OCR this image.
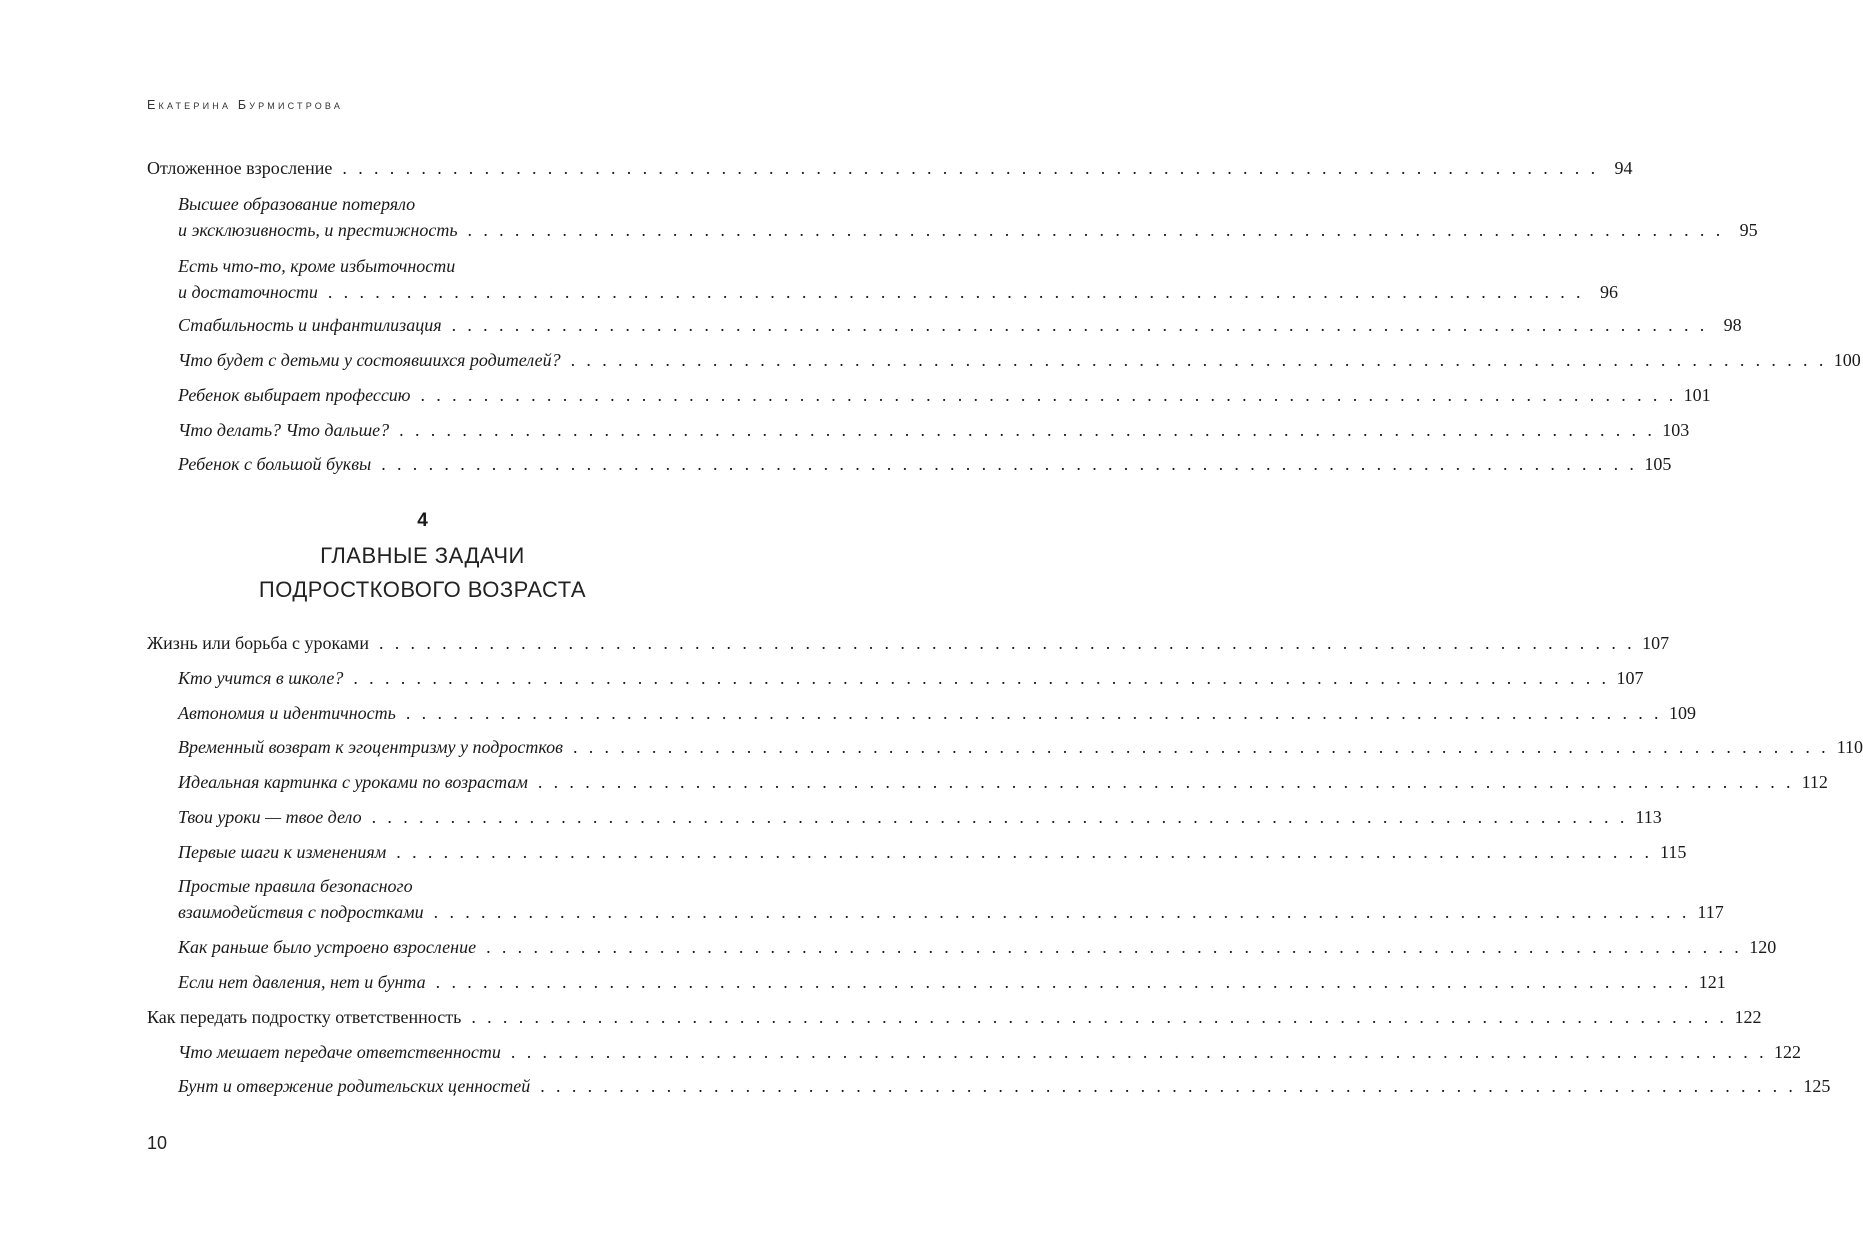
Екатерина Бурмистрова
Отложенное взросление . . . . . . . . . . . . . . . . . . . . . . . . . . . . . . . . . . . . . . . . . . . . . . . . . . . . . . . . . . . . . . . . . . . . . . . . . . . . . . . . 94
Высшее образование потеряло
и эксклюзивность, и престижность . . . . . . . . . . . . . . . . . . . . . . . . . . . . . . . . . . . . . . . . . . . . . . . . . . . . . . . . . . . . . . . . . . . . . . . . . . . . . . . . 95
Есть что-то, кроме избыточности
и достаточности . . . . . . . . . . . . . . . . . . . . . . . . . . . . . . . . . . . . . . . . . . . . . . . . . . . . . . . . . . . . . . . . . . . . . . . . . . . . . . . . 96
Стабильность и инфантилизация . . . . . . . . . . . . . . . . . . . . . . . . . . . . . . . . . . . . . . . . . . . . . . . . . . . . . . . . . . . . . . . . . . . . . . . . . . . . . . . . 98
Что будет с детьми у состоявшихся родителей? . . . . . . . . . . . . . . . . . . . . . . . . . . . . . . . . . . . . . . . . . . . . . . . . . . . . . . . . . . . . . . . . . . . . . . . . . . . . . . . . 100
Ребенок выбирает профессию . . . . . . . . . . . . . . . . . . . . . . . . . . . . . . . . . . . . . . . . . . . . . . . . . . . . . . . . . . . . . . . . . . . . . . . . . . . . . . . . 101
Что делать? Что дальше? . . . . . . . . . . . . . . . . . . . . . . . . . . . . . . . . . . . . . . . . . . . . . . . . . . . . . . . . . . . . . . . . . . . . . . . . . . . . . . . . 103
Ребенок с большой буквы . . . . . . . . . . . . . . . . . . . . . . . . . . . . . . . . . . . . . . . . . . . . . . . . . . . . . . . . . . . . . . . . . . . . . . . . . . . . . . . . 105
Жизнь или борьба с уроками . . . . . . . . . . . . . . . . . . . . . . . . . . . . . . . . . . . . . . . . . . . . . . . . . . . . . . . . . . . . . . . . . . . . . . . . . . . . . . . . 107
Кто учится в школе? . . . . . . . . . . . . . . . . . . . . . . . . . . . . . . . . . . . . . . . . . . . . . . . . . . . . . . . . . . . . . . . . . . . . . . . . . . . . . . . . 107
Автономия и идентичность . . . . . . . . . . . . . . . . . . . . . . . . . . . . . . . . . . . . . . . . . . . . . . . . . . . . . . . . . . . . . . . . . . . . . . . . . . . . . . . . 109
Временный возврат к эгоцентризму у подростков . . . . . . . . . . . . . . . . . . . . . . . . . . . . . . . . . . . . . . . . . . . . . . . . . . . . . . . . . . . . . . . . . . . . . . . . . . . . . . . . 110
Идеальная картинка с уроками по возрастам . . . . . . . . . . . . . . . . . . . . . . . . . . . . . . . . . . . . . . . . . . . . . . . . . . . . . . . . . . . . . . . . . . . . . . . . . . . . . . . . 112
Твои уроки — твое дело . . . . . . . . . . . . . . . . . . . . . . . . . . . . . . . . . . . . . . . . . . . . . . . . . . . . . . . . . . . . . . . . . . . . . . . . . . . . . . . . 113
Первые шаги к изменениям . . . . . . . . . . . . . . . . . . . . . . . . . . . . . . . . . . . . . . . . . . . . . . . . . . . . . . . . . . . . . . . . . . . . . . . . . . . . . . . . 115
Простые правила безопасного
взаимодействия с подростками . . . . . . . . . . . . . . . . . . . . . . . . . . . . . . . . . . . . . . . . . . . . . . . . . . . . . . . . . . . . . . . . . . . . . . . . . . . . . . . . 117
Как раньше было устроено взросление . . . . . . . . . . . . . . . . . . . . . . . . . . . . . . . . . . . . . . . . . . . . . . . . . . . . . . . . . . . . . . . . . . . . . . . . . . . . . . . . 120
Если нет давления, нет и бунта . . . . . . . . . . . . . . . . . . . . . . . . . . . . . . . . . . . . . . . . . . . . . . . . . . . . . . . . . . . . . . . . . . . . . . . . . . . . . . . . 121
Как передать подростку ответственность . . . . . . . . . . . . . . . . . . . . . . . . . . . . . . . . . . . . . . . . . . . . . . . . . . . . . . . . . . . . . . . . . . . . . . . . . . . . . . . . 122
Что мешает передаче ответственности . . . . . . . . . . . . . . . . . . . . . . . . . . . . . . . . . . . . . . . . . . . . . . . . . . . . . . . . . . . . . . . . . . . . . . . . . . . . . . . . 122
Бунт и отвержение родительских ценностей . . . . . . . . . . . . . . . . . . . . . . . . . . . . . . . . . . . . . . . . . . . . . . . . . . . . . . . . . . . . . . . . . . . . . . . . . . . . . . . . 125
4
ГЛАВНЫЕ ЗАДАЧИ
ПОДРОСТКОВОГО ВОЗРАСТА
10
